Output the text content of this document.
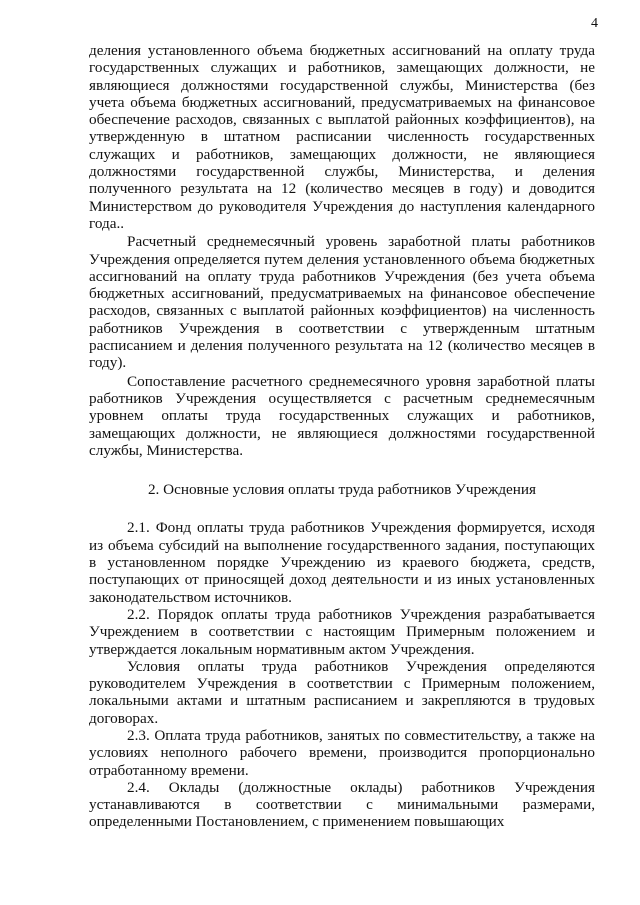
4

деления установленного объема бюджетных ассигнований на оплату труда государственных служащих и работников, замещающих должности, не являющиеся должностями государственной службы, Министерства (без учета объема бюджетных ассигнований, предусматриваемых на финансовое обеспечение расходов, связанных с выплатой районных коэффициентов), на утвержденную в штатном расписании численность государственных служащих и работников, замещающих должности, не являющиеся должностями государственной службы, Министерства, и деления полученного результата на 12 (количество месяцев в году) и доводится Министерством до руководителя Учреждения до наступления календарного года..

Расчетный среднемесячный уровень заработной платы работников Учреждения определяется путем деления установленного объема бюджетных ассигнований на оплату труда работников Учреждения (без учета объема бюджетных ассигнований, предусматриваемых на финансовое обеспечение расходов, связанных с выплатой районных коэффициентов) на численность работников Учреждения в соответствии с утвержденным штатным расписанием и деления полученного результата на 12 (количество месяцев в году).

Сопоставление расчетного среднемесячного уровня заработной платы работников Учреждения осуществляется с расчетным среднемесячным уровнем оплаты труда государственных служащих и работников, замещающих должности, не являющиеся должностями государственной службы, Министерства.

2. Основные условия оплаты труда работников Учреждения

2.1. Фонд оплаты труда работников Учреждения формируется, исходя из объема субсидий на выполнение государственного задания, поступающих в установленном порядке Учреждению из краевого бюджета, средств, поступающих от приносящей доход деятельности и из иных установленных законодательством источников.

2.2. Порядок оплаты труда работников Учреждения разрабатывается Учреждением в соответствии с настоящим Примерным положением и утверждается локальным нормативным актом Учреждения.

Условия оплаты труда работников Учреждения определяются руководителем Учреждения в соответствии с Примерным положением, локальными актами и штатным расписанием и закрепляются в трудовых договорах.

2.3. Оплата труда работников, занятых по совместительству, а также на условиях неполного рабочего времени, производится пропорционально отработанному времени.

2.4. Оклады (должностные оклады) работников Учреждения устанавливаются в соответствии с минимальными размерами, определенными Постановлением, с применением повышающих
